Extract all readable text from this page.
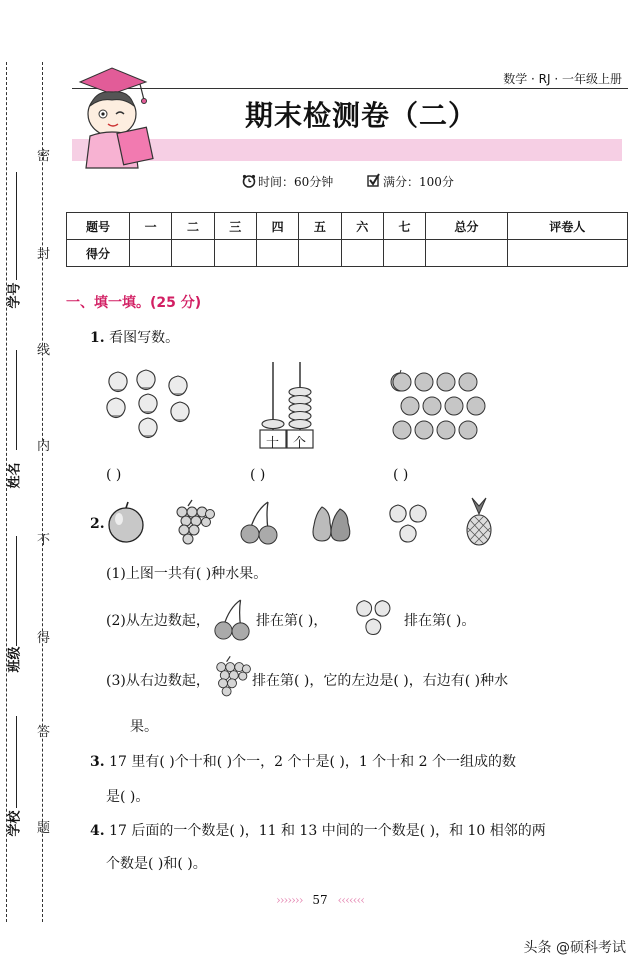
密
封
线
内
不
得
答
题
学号
姓名
班级
学校
数学 · RJ · 一年级上册
期末检测卷（二）
时间：60分钟	满分：100分
题号	一	二	三	四	五	六	七	总分	评卷人
得分									
一、填一填。(25 分)
1. 看图写数。
十 个
( )	( )	( )
2.
(1)上图一共有( )种水果。
(2)从左边数起，	排在第( )，	排在第( )。
(3)从右边数起，	排在第( )，它的左边是( )，右边有( )种水
果。
3. 17 里有( )个十和( )个一，2 个十是( )，1 个十和 2 个一组成的数
是( )。
4. 17 后面的一个数是( )，11 和 13 中间的一个数是( )，和 10 相邻的两
个数是( )和( )。
››››››› 57 ‹‹‹‹‹‹‹
头条 @硕科考试
